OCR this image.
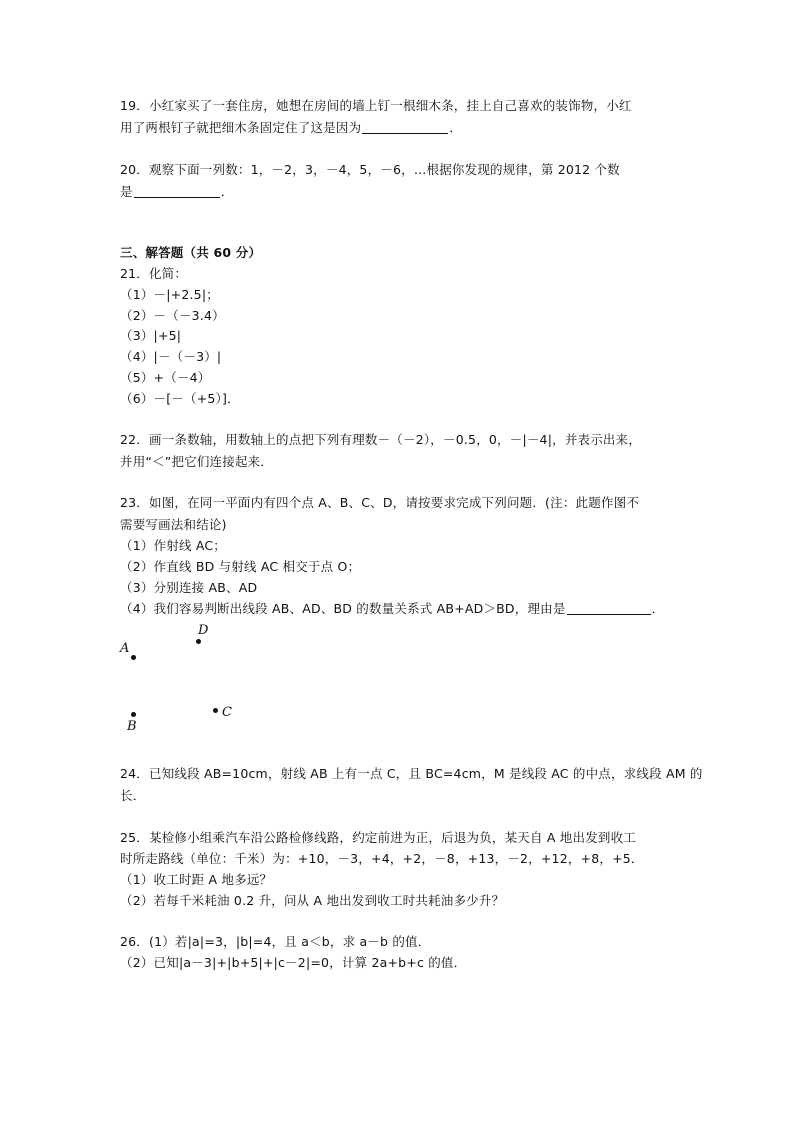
19．小红家买了一套住房，她想在房间的墙上钉一根细木条，挂上自己喜欢的装饰物，小红
用了两根钉子就把细木条固定住了这是因为	．
20．观察下面一列数：1，－2，3，－4，5，－6，…根据你发现的规律，第 2012 个数
是	．
三、解答题（共 60 分）
21．化简：
（1）－|+2.5|；
（2）－（－3.4）
（3）|+5|
（4）|－（－3）|
（5）+（－4）
（6）－[－（+5）]．
22．画一条数轴，用数轴上的点把下列有理数－（－2），－0.5，0，－|－4|，并表示出来，
并用“＜”把它们连接起来．
23．如图，在同一平面内有四个点 A、B、C、D，请按要求完成下列问题．(注：此题作图不
需要写画法和结论)
（1）作射线 AC；
（2）作直线 BD 与射线 AC 相交于点 O；
（3）分别连接 AB、AD
（4）我们容易判断出线段 AB、AD、BD 的数量关系式 AB+AD＞BD，理由是	．
D
A
C
B
24．已知线段 AB=10cm，射线 AB 上有一点 C，且 BC=4cm，M 是线段 AC 的中点，求线段 AM 的
长．
25．某检修小组乘汽车沿公路检修线路，约定前进为正，后退为负，某天自 A 地出发到收工
时所走路线（单位：千米）为：+10，－3，+4，+2，－8，+13，－2，+12，+8，+5．
（1）收工时距 A 地多远？
（2）若每千米耗油 0.2 升，问从 A 地出发到收工时共耗油多少升？
26．(1）若|a|=3，|b|=4，且 a＜b，求 a－b 的值．
（2）已知|a－3|+|b+5|+|c－2|=0，计算 2a+b+c 的值．
